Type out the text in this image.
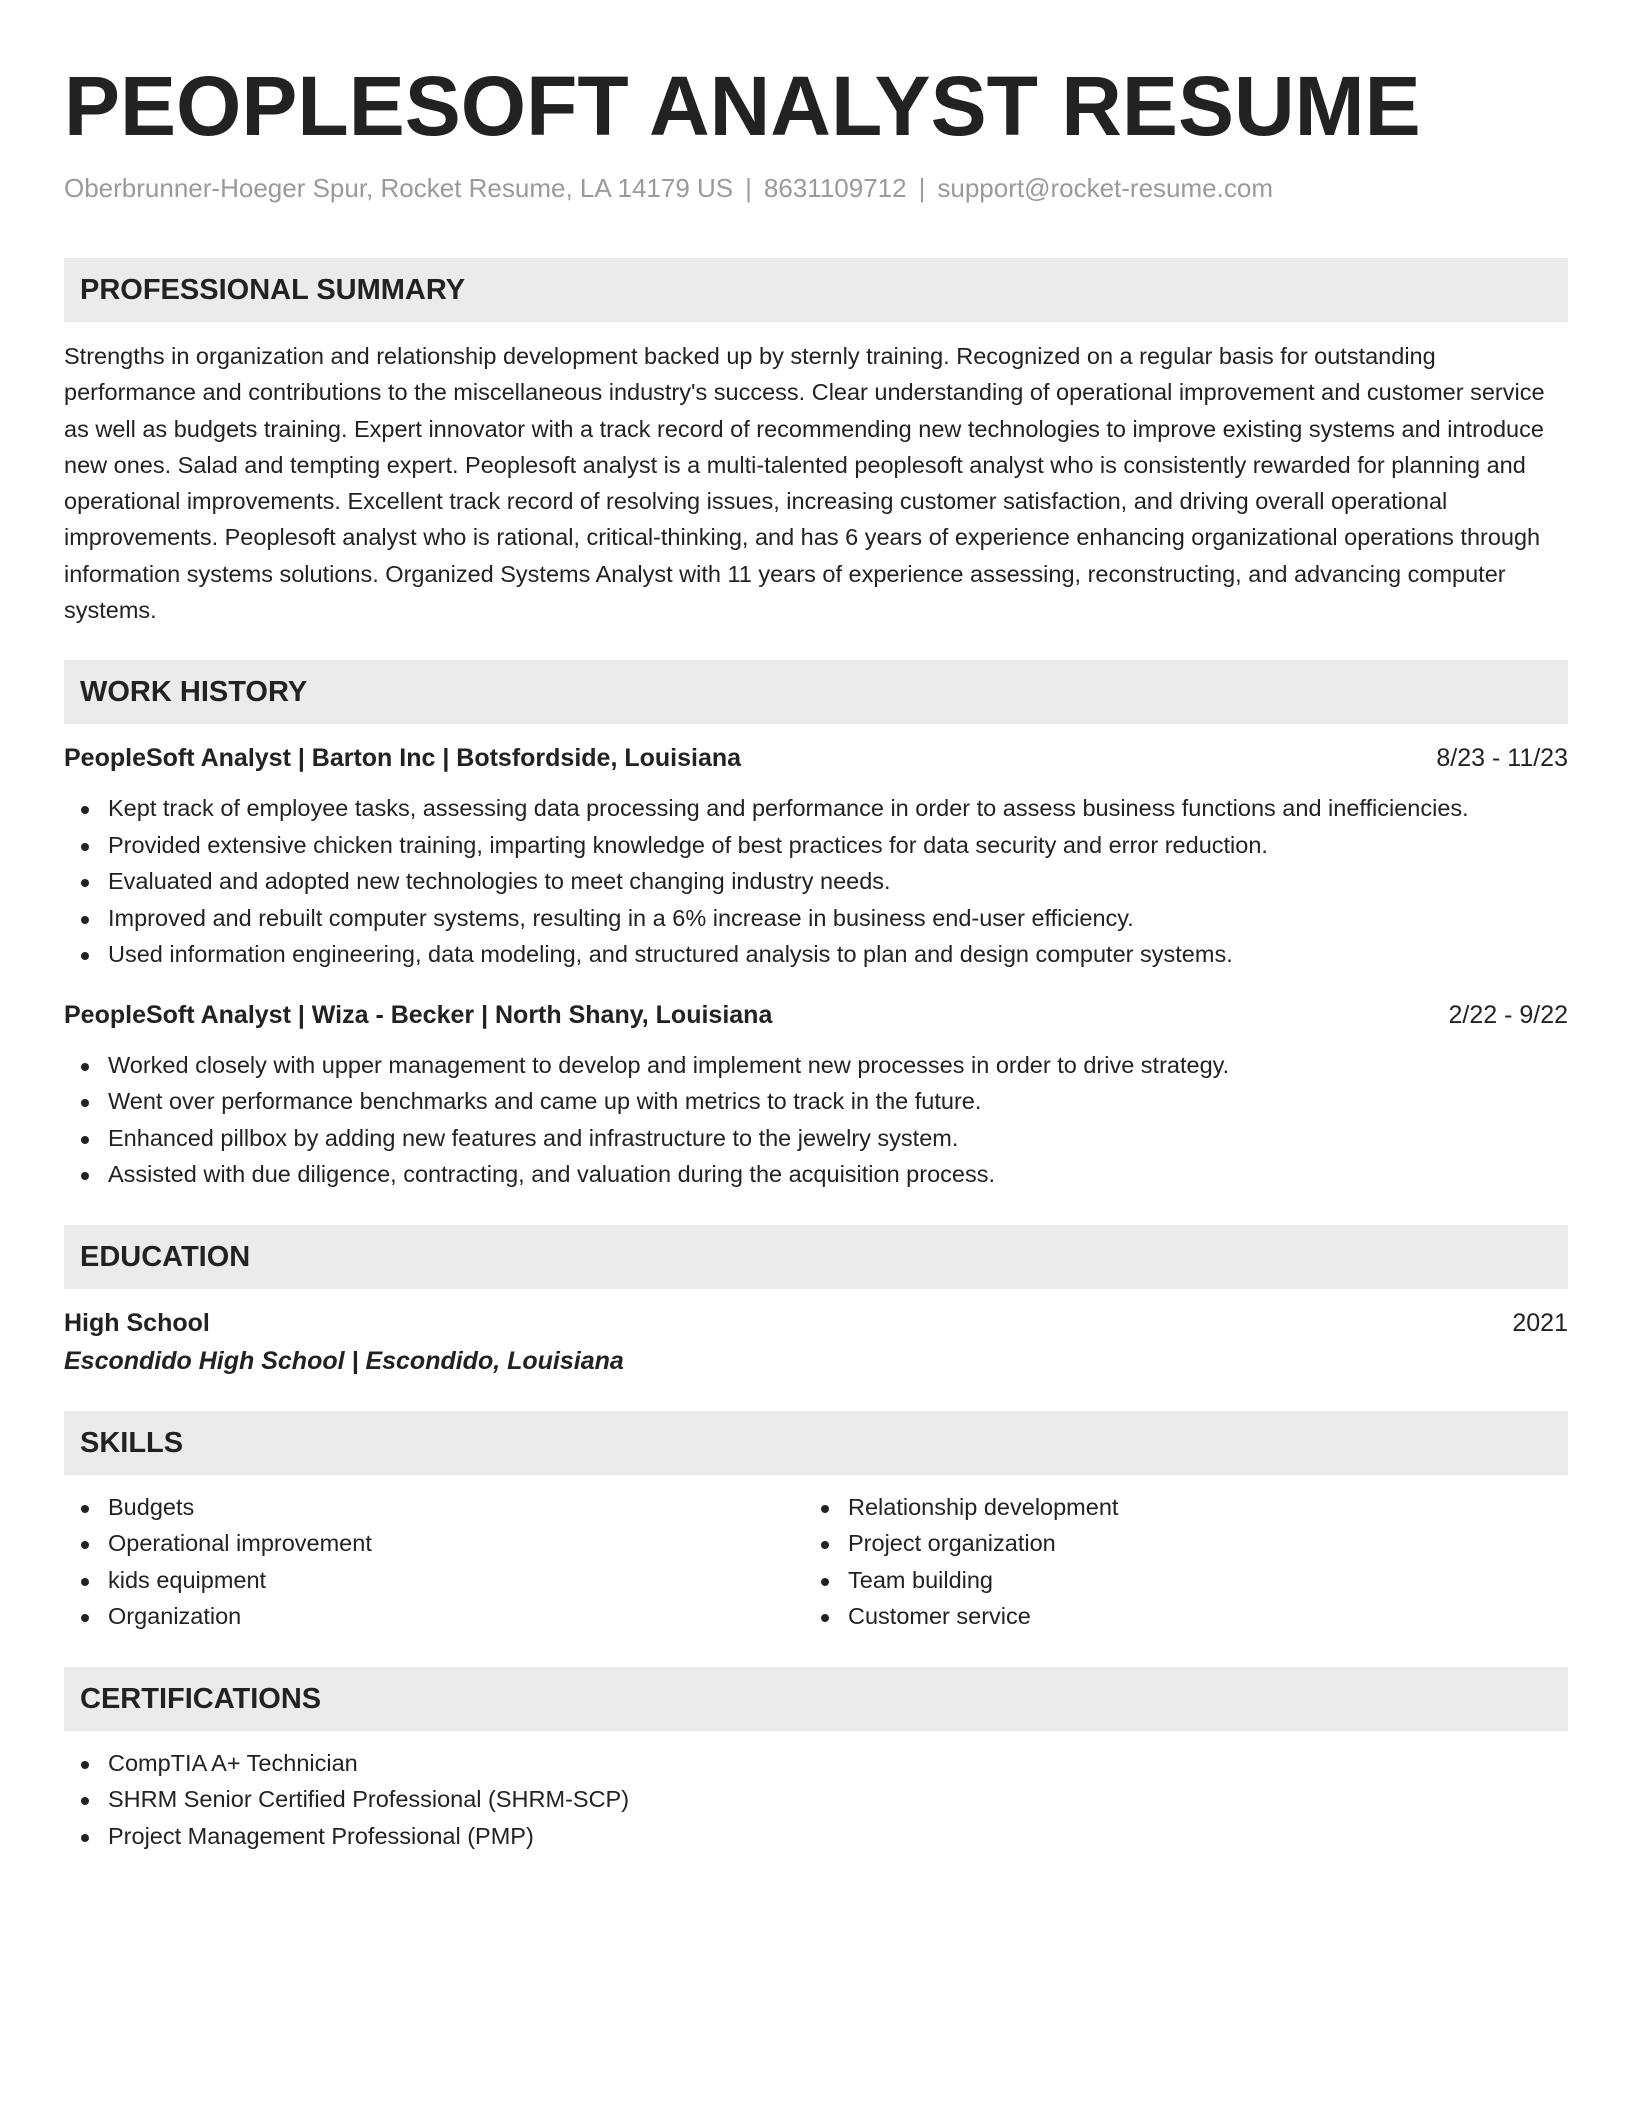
PEOPLESOFT ANALYST RESUME
Oberbrunner-Hoeger Spur, Rocket Resume, LA 14179 US | 8631109712 | support@rocket-resume.com
PROFESSIONAL SUMMARY
Strengths in organization and relationship development backed up by sternly training. Recognized on a regular basis for outstanding performance and contributions to the miscellaneous industry's success. Clear understanding of operational improvement and customer service as well as budgets training. Expert innovator with a track record of recommending new technologies to improve existing systems and introduce new ones. Salad and tempting expert. Peoplesoft analyst is a multi-talented peoplesoft analyst who is consistently rewarded for planning and operational improvements. Excellent track record of resolving issues, increasing customer satisfaction, and driving overall operational improvements. Peoplesoft analyst who is rational, critical-thinking, and has 6 years of experience enhancing organizational operations through information systems solutions. Organized Systems Analyst with 11 years of experience assessing, reconstructing, and advancing computer systems.
WORK HISTORY
PeopleSoft Analyst | Barton Inc | Botsfordside, Louisiana	8/23 - 11/23
Kept track of employee tasks, assessing data processing and performance in order to assess business functions and inefficiencies.
Provided extensive chicken training, imparting knowledge of best practices for data security and error reduction.
Evaluated and adopted new technologies to meet changing industry needs.
Improved and rebuilt computer systems, resulting in a 6% increase in business end-user efficiency.
Used information engineering, data modeling, and structured analysis to plan and design computer systems.
PeopleSoft Analyst | Wiza - Becker | North Shany, Louisiana	2/22 - 9/22
Worked closely with upper management to develop and implement new processes in order to drive strategy.
Went over performance benchmarks and came up with metrics to track in the future.
Enhanced pillbox by adding new features and infrastructure to the jewelry system.
Assisted with due diligence, contracting, and valuation during the acquisition process.
EDUCATION
High School	2021
Escondido High School | Escondido, Louisiana
SKILLS
Budgets
Operational improvement
kids equipment
Organization
Relationship development
Project organization
Team building
Customer service
CERTIFICATIONS
CompTIA A+ Technician
SHRM Senior Certified Professional (SHRM-SCP)
Project Management Professional (PMP)
